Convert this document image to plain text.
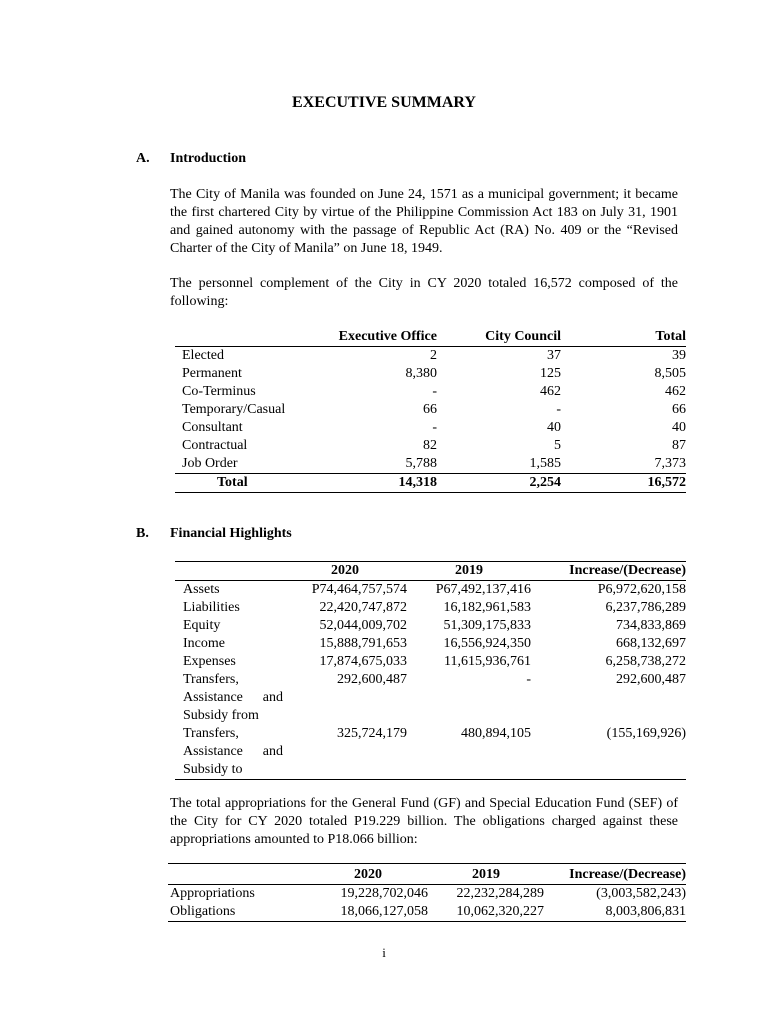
EXECUTIVE SUMMARY
A. Introduction
The City of Manila was founded on June 24, 1571 as a municipal government; it became the first chartered City by virtue of the Philippine Commission Act 183 on July 31, 1901 and gained autonomy with the passage of Republic Act (RA) No. 409 or the “Revised Charter of the City of Manila” on June 18, 1949.
The personnel complement of the City in CY 2020 totaled 16,572 composed of the following:
	Executive Office	City Council	Total
Elected	2	37	39
Permanent	8,380	125	8,505
Co-Terminus	-	462	462
Temporary/Casual	66	-	66
Consultant	-	40	40
Contractual	82	5	87
Job Order	5,788	1,585	7,373
Total	14,318	2,254	16,572
B. Financial Highlights
	2020	2019	Increase/(Decrease)
Assets	P74,464,757,574	P67,492,137,416	P6,972,620,158
Liabilities	22,420,747,872	16,182,961,583	6,237,786,289
Equity	52,044,009,702	51,309,175,833	734,833,869
Income	15,888,791,653	16,556,924,350	668,132,697
Expenses	17,874,675,033	11,615,936,761	6,258,738,272
Transfers, Assistance and Subsidy from	292,600,487	-	292,600,487
Transfers, Assistance and Subsidy to	325,724,179	480,894,105	(155,169,926)
The total appropriations for the General Fund (GF) and Special Education Fund (SEF) of the City for CY 2020 totaled P19.229 billion. The obligations charged against these appropriations amounted to P18.066 billion:
	2020	2019	Increase/(Decrease)
Appropriations	19,228,702,046	22,232,284,289	(3,003,582,243)
Obligations	18,066,127,058	10,062,320,227	8,003,806,831
i
